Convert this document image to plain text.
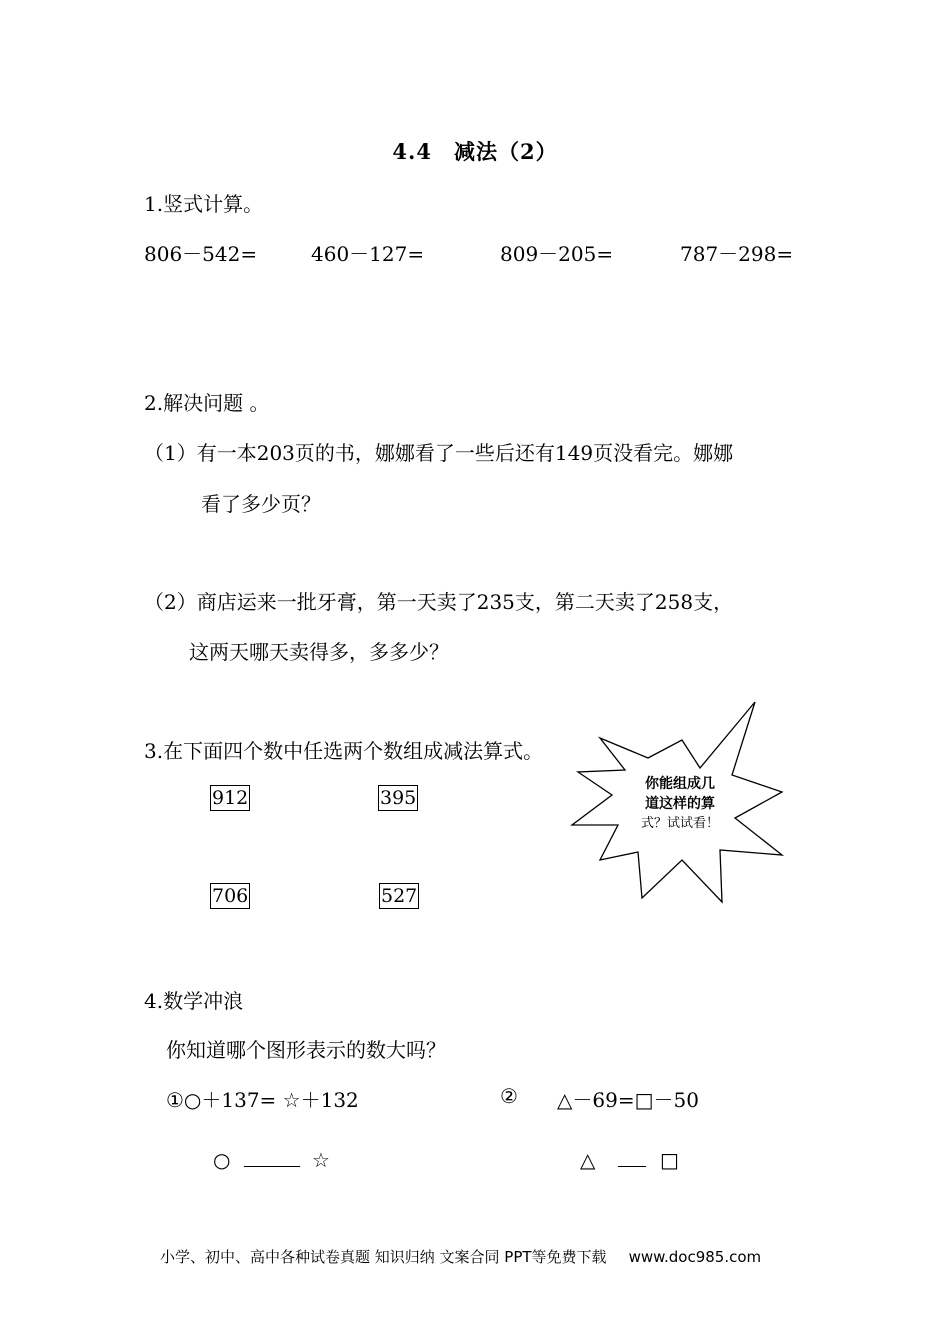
4.4　减法（2）
1.竖式计算。
806－542=	460－127=	809－205=	787－298=
2.解决问题 。
（1）有一本203页的书，娜娜看了一些后还有149页没看完。娜娜
看了多少页？
（2）商店运来一批牙膏，第一天卖了235支，第二天卖了258支，
这两天哪天卖得多，多多少？
3.在下面四个数中任选两个数组成减法算式。
912	395
706	527
你能组成几
道这样的算
式？试试看！
4.数学冲浪
你知道哪个图形表示的数大吗？
①○＋137= ☆＋132	② △－69=□－50
○	☆	△	□
小学、初中、高中各种试卷真题 知识归纳 文案合同 PPT等免费下载 www.doc985.com
